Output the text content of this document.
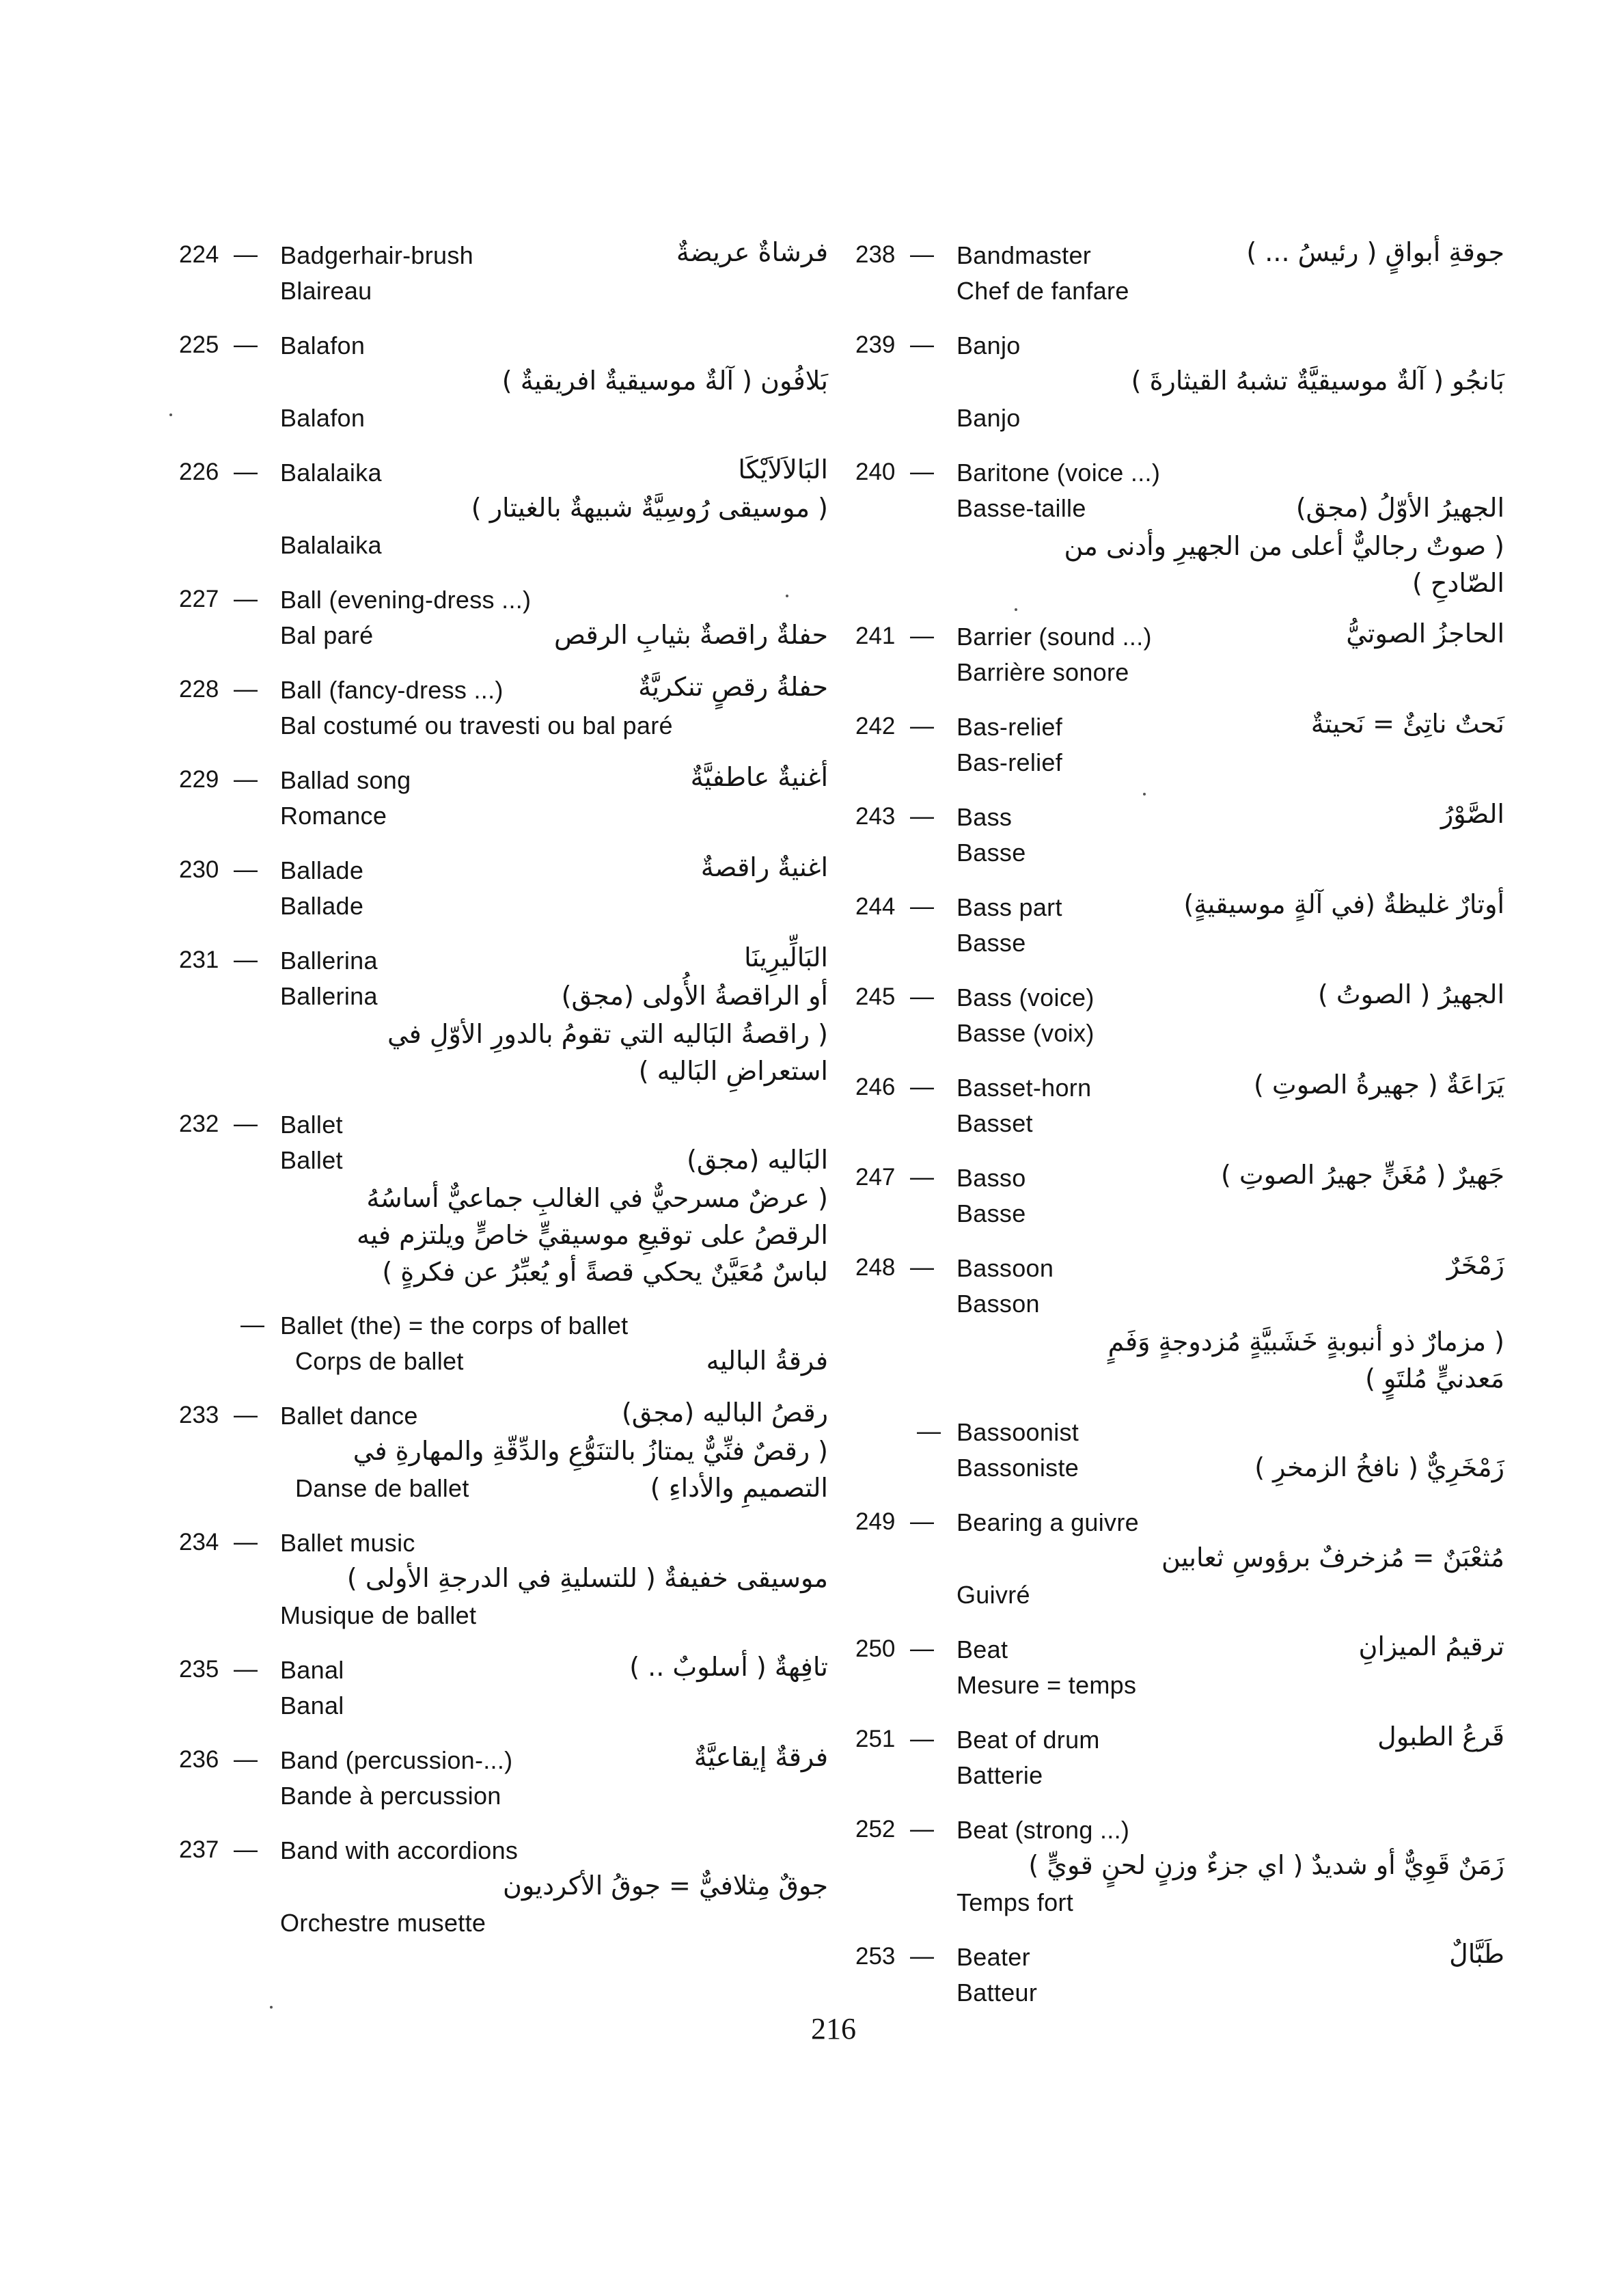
224 — Badgerhair-brush	فرشاةٌ عريضةٌ
Blaireau
225 — Balafon
بَلافُون ( آلةٌ موسيقيةٌ افريقيةٌ )
Balafon
226 — Balalaika	البَالاَلاَيْكَا
( موسيقى رُوسِيَّةٌ شبيهةٌ بالغيتار )
Balalaika
227 — Ball (evening-dress ...)
Bal paré	حفلةٌ راقصةٌ بثيابِ الرقص
228 — Ball (fancy-dress ...)	حفلةُ رقصٍ تنكريَّةٌ
Bal costumé ou travesti ou bal paré
229 — Ballad song	أغنيةٌ عاطفيَّةٌ
Romance
230 — Ballade	اغنيةٌ راقصةٌ
Ballade
231 — Ballerina	البَالِّيرِينَا
Ballerina	أو الراقصةُ الأُولى (مجق)
( راقصةُ البَاليه التي تقومُ بالدورِ الأوّلِ في
استعراضِ البَاليه )
232 — Ballet
Ballet	البَاليه (مجق)
( عرضٌ مسرحيٌّ في الغالبِ جماعيٌّ أساسُهُ
الرقصُ على توقيعِ موسيقيٍّ خاصٍّ ويلتزم فيه
لباسٌ مُعَيَّنٌ يحكي قصةً أو يُعبِّرُ عن فكرةٍ )
— Ballet (the) = the corps of ballet
Corps de ballet	فرقةُ الباليه
233 — Ballet dance	رقصُ الباليه (مجق)
( رقصٌ فنِّيٌّ يمتازُ بالتنَوُّعِ والدِّقّةِ والمهارةِ في
Danse de ballet	التصميمِ والأداءِ )
234 — Ballet music
موسيقى خفيفةٌ ( للتسليةِ في الدرجةِ الأولى )
Musique de ballet
235 — Banal	تافِهةٌ ( أسلوبٌ .. )
Banal
236 — Band (percussion-...)	فرقةٌ إيقاعيَّةٌ
Bande à percussion
237 — Band with accordions
جوقٌ مِثلافيٌّ = جوقُ الأكرديون
Orchestre musette
238 — Bandmaster	جوقةِ أبواقٍ ( رئيسُ ... )
Chef de fanfare
239 — Banjo
بَانجُو ( آلةٌ موسيقيَّةٌ تشبهُ القيثارةَ )
Banjo
240 — Baritone (voice ...)
Basse-taille	الجهيرُ الأوّلُ (مجق)
( صوتٌ رجاليٌّ أعلى من الجهيرِ وأدنى من
الصّادحِ )
241 — Barrier (sound ...)	الحاجزُ الصوتيُّ
Barrière sonore
242 — Bas-relief	نَحتٌ ناتِئٌ = نَحيتةٌ
Bas-relief
243 — Bass	الصَّوْرُ
Basse
244 — Bass part	أوتارٌ غليظةٌ (في آلةٍ موسيقيةٍ)
Basse
245 — Bass (voice)	الجهيرُ ( الصوتُ )
Basse (voix)
246 — Basset-horn	يَرَاعَةٌ ( جهيرةُ الصوتِ )
Basset
247 — Basso	جَهيرٌ ( مُغَنٍّ جهيرُ الصوتِ )
Basse
248 — Bassoon	زَمْخَرٌ
Basson
( مزمارٌ ذو أنبوبةٍ خَشَبيَّةٍ مُزدوجةٍ وَفَمٍ
مَعدنيٍّ مُلتَوٍ )
— Bassoonist
Bassoniste	زَمْخَرِيٌّ ( نافخُ الزمخرِ )
249 — Bearing a guivre
مُثعْبَنٌ = مُزخرفٌ برؤوسِ ثعابين
Guivré
250 — Beat	ترقيمُ الميزانِ
Mesure = temps
251 — Beat of drum	قَرعُ الطبول
Batterie
252 — Beat (strong ...)
زَمَنٌ قَوِيٌّ أو شديدٌ ( اي جزءٌ وزنٍ لحنٍ قويٍّ )
Temps fort
253 — Beater	طَبَّالٌ
Batteur
216
